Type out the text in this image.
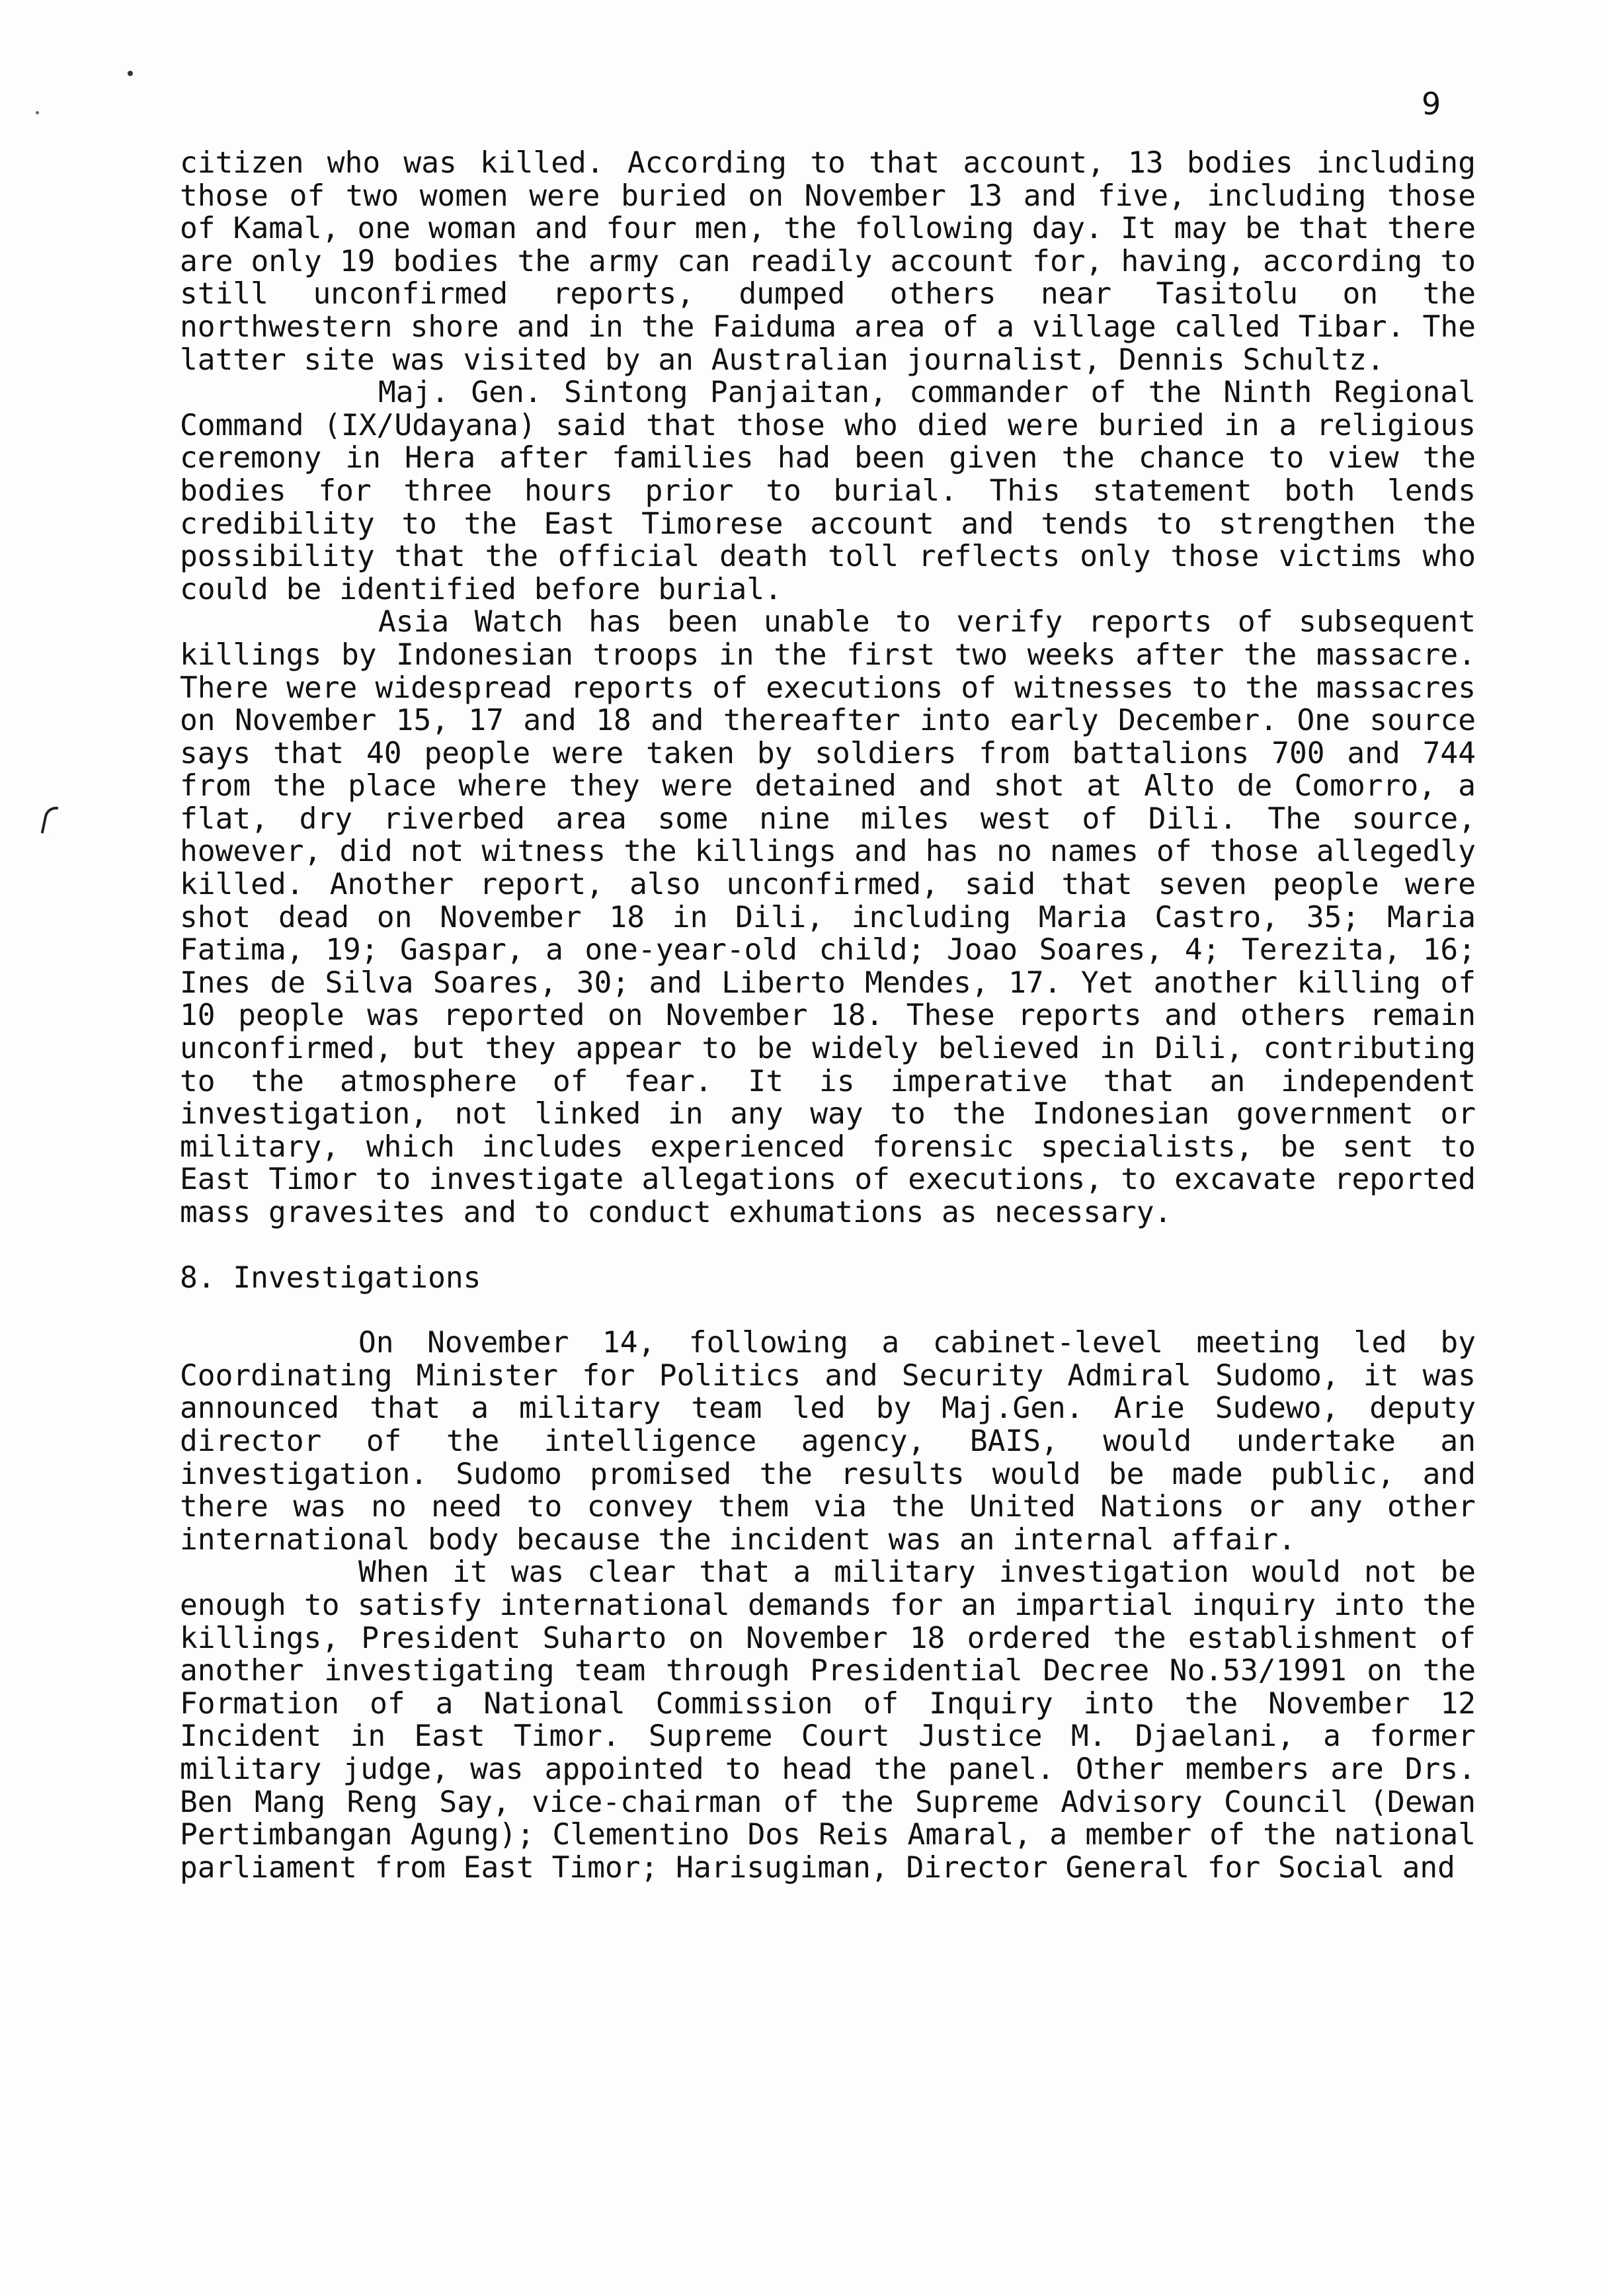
9

citizen who was killed. According to that account, 13 bodies including those of two women were buried on November 13 and five, including those of Kamal, one woman and four men, the following day. It may be that there are only 19 bodies the army can readily account for, having, according to still unconfirmed reports, dumped others near Tasitolu on the northwestern shore and in the Faiduma area of a village called Tibar. The latter site was visited by an Australian journalist, Dennis Schultz.

Maj. Gen. Sintong Panjaitan, commander of the Ninth Regional Command (IX/Udayana) said that those who died were buried in a religious ceremony in Hera after families had been given the chance to view the bodies for three hours prior to burial. This statement both lends credibility to the East Timorese account and tends to strengthen the possibility that the official death toll reflects only those victims who could be identified before burial.

Asia Watch has been unable to verify reports of subsequent killings by Indonesian troops in the first two weeks after the massacre. There were widespread reports of executions of witnesses to the massacres on November 15, 17 and 18 and thereafter into early December. One source says that 40 people were taken by soldiers from battalions 700 and 744 from the place where they were detained and shot at Alto de Comorro, a flat, dry riverbed area some nine miles west of Dili. The source, however, did not witness the killings and has no names of those allegedly killed. Another report, also unconfirmed, said that seven people were shot dead on November 18 in Dili, including Maria Castro, 35; Maria Fatima, 19; Gaspar, a one-year-old child; Joao Soares, 4; Terezita, 16; Ines de Silva Soares, 30; and Liberto Mendes, 17. Yet another killing of 10 people was reported on November 18. These reports and others remain unconfirmed, but they appear to be widely believed in Dili, contributing to the atmosphere of fear. It is imperative that an independent investigation, not linked in any way to the Indonesian government or military, which includes experienced forensic specialists, be sent to East Timor to investigate allegations of executions, to excavate reported mass gravesites and to conduct exhumations as necessary.

8. Investigations

On November 14, following a cabinet-level meeting led by Coordinating Minister for Politics and Security Admiral Sudomo, it was announced that a military team led by Maj.Gen. Arie Sudewo, deputy director of the intelligence agency, BAIS, would undertake an investigation. Sudomo promised the results would be made public, and there was no need to convey them via the United Nations or any other international body because the incident was an internal affair.

When it was clear that a military investigation would not be enough to satisfy international demands for an impartial inquiry into the killings, President Suharto on November 18 ordered the establishment of another investigating team through Presidential Decree No.53/1991 on the Formation of a National Commission of Inquiry into the November 12 Incident in East Timor. Supreme Court Justice M. Djaelani, a former military judge, was appointed to head the panel. Other members are Drs. Ben Mang Reng Say, vice-chairman of the Supreme Advisory Council (Dewan Pertimbangan Agung); Clementino Dos Reis Amaral, a member of the national parliament from East Timor; Harisugiman, Director General for Social and
